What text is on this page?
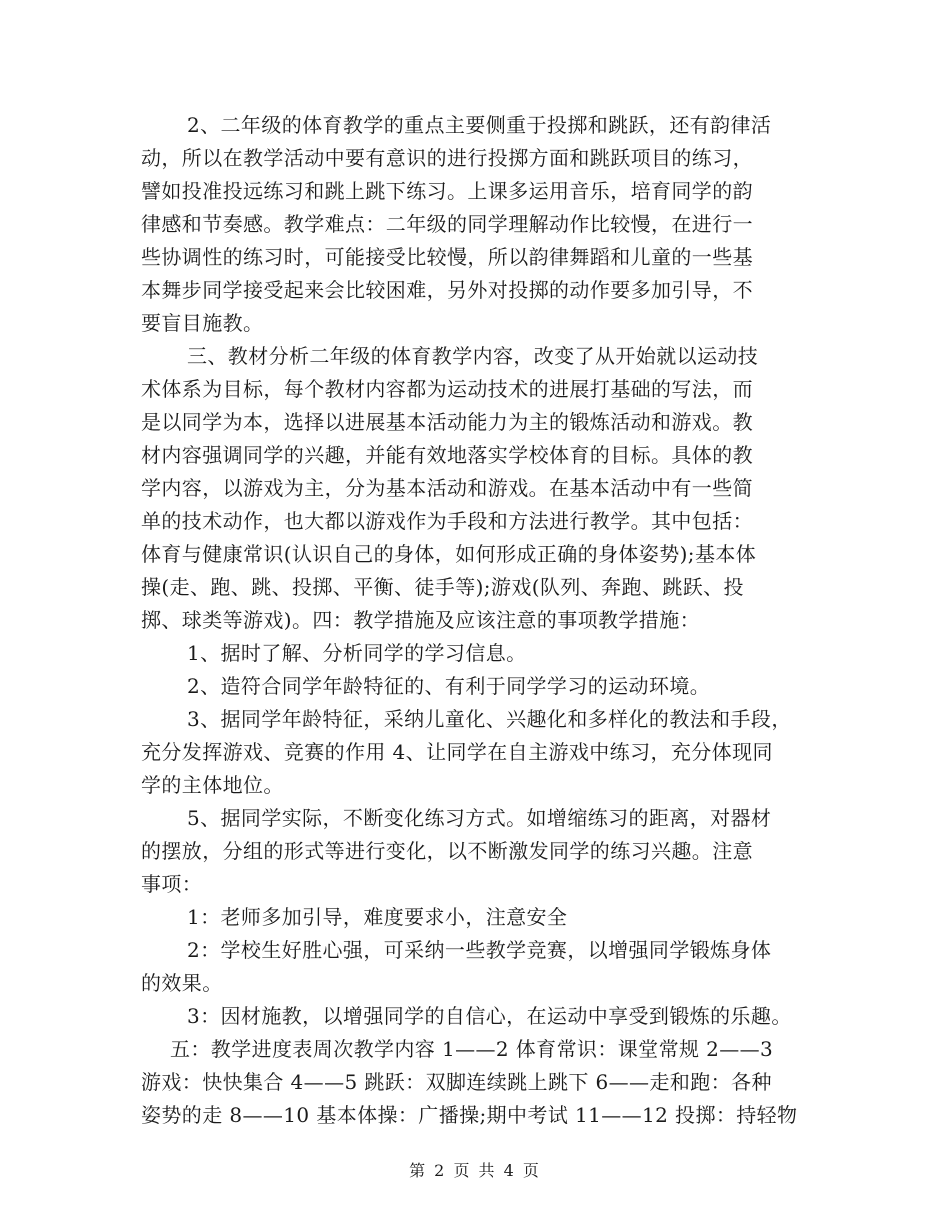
2、二年级的体育教学的重点主要侧重于投掷和跳跃，还有韵律活
动，所以在教学活动中要有意识的进行投掷方面和跳跃项目的练习，
譬如投准投远练习和跳上跳下练习。上课多运用音乐，培育同学的韵
律感和节奏感。教学难点：二年级的同学理解动作比较慢，在进行一
些协调性的练习时，可能接受比较慢，所以韵律舞蹈和儿童的一些基
本舞步同学接受起来会比较困难，另外对投掷的动作要多加引导，不
要盲目施教。
三、教材分析二年级的体育教学内容，改变了从开始就以运动技
术体系为目标，每个教材内容都为运动技术的进展打基础的写法，而
是以同学为本，选择以进展基本活动能力为主的锻炼活动和游戏。教
材内容强调同学的兴趣，并能有效地落实学校体育的目标。具体的教
学内容，以游戏为主，分为基本活动和游戏。在基本活动中有一些简
单的技术动作，也大都以游戏作为手段和方法进行教学。其中包括：
体育与健康常识(认识自己的身体，如何形成正确的身体姿势);基本体
操(走、跑、跳、投掷、平衡、徒手等);游戏(队列、奔跑、跳跃、投
掷、球类等游戏)。四：教学措施及应该注意的事项教学措施：
1、据时了解、分析同学的学习信息。
2、造符合同学年龄特征的、有利于同学学习的运动环境。
3、据同学年龄特征，采纳儿童化、兴趣化和多样化的教法和手段，
充分发挥游戏、竞赛的作用 4、让同学在自主游戏中练习，充分体现同
学的主体地位。
5、据同学实际，不断变化练习方式。如增缩练习的距离，对器材
的摆放，分组的形式等进行变化，以不断激发同学的练习兴趣。注意
事项：
1：老师多加引导，难度要求小，注意安全
2：学校生好胜心强，可采纳一些教学竞赛，以增强同学锻炼身体
的效果。
3：因材施教，以增强同学的自信心，在运动中享受到锻炼的乐趣。
五：教学进度表周次教学内容 1——2 体育常识：课堂常规 2——3
游戏：快快集合 4——5 跳跃：双脚连续跳上跳下 6——走和跑：各种
姿势的走 8——10 基本体操：广播操;期中考试 11——12 投掷：持轻物
第 2 页 共 4 页
